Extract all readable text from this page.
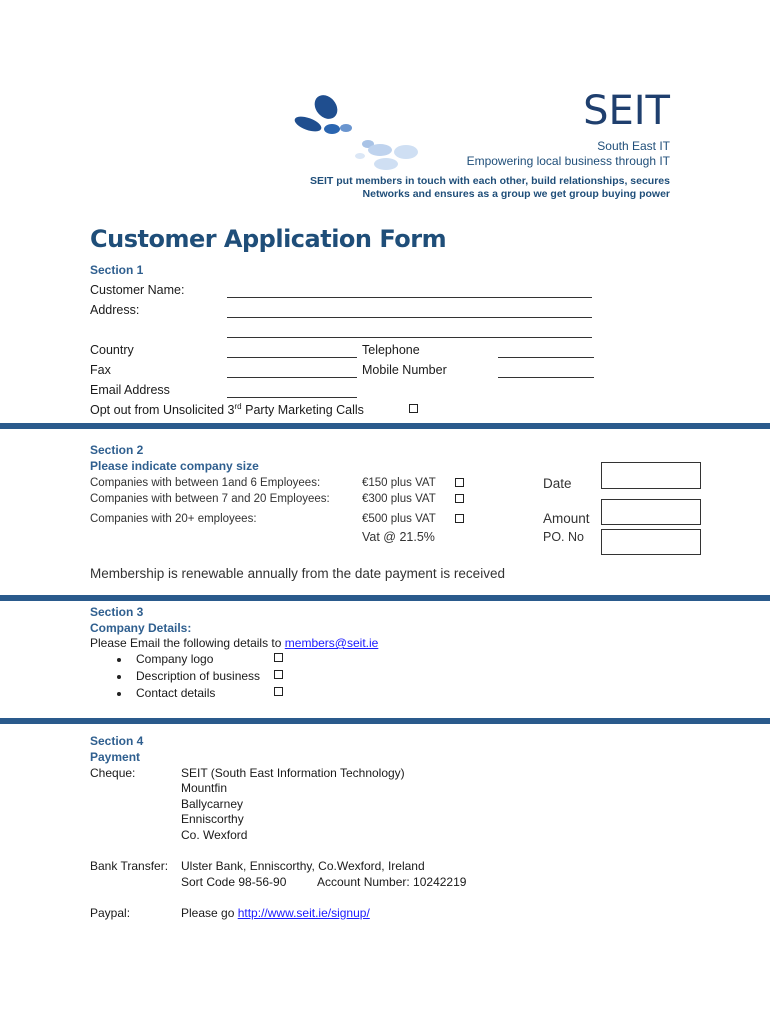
SEIT
South East IT
Empowering local business through IT
SEIT put members in touch with each other, build relationships, secures
Networks and ensures as a group we get group buying power
Customer Application Form
Section 1
Customer Name:
Address:
Country	Telephone
Fax	Mobile Number
Email Address
Opt out from Unsolicited 3rd Party Marketing Calls
Section 2
Please indicate company size
Companies with between 1and 6 Employees:	€150 plus VAT
Companies with between 7 and 20 Employees:	€300 plus VAT
Companies with 20+ employees:	€500 plus VAT
Vat @ 21.5%
Date
Amount
PO. No
Membership is renewable annually from the date payment is received
Section 3
Company Details:
Please Email the following details to members@seit.ie
Company logo
Description of business
Contact details
Section 4
Payment
Cheque:	SEIT (South East Information Technology)
Mountfin
Ballycarney
Enniscorthy
Co. Wexford
Bank Transfer: Ulster Bank, Enniscorthy, Co.Wexford, Ireland
Sort Code 98-56-90	Account Number: 10242219
Paypal:	Please go http://www.seit.ie/signup/
